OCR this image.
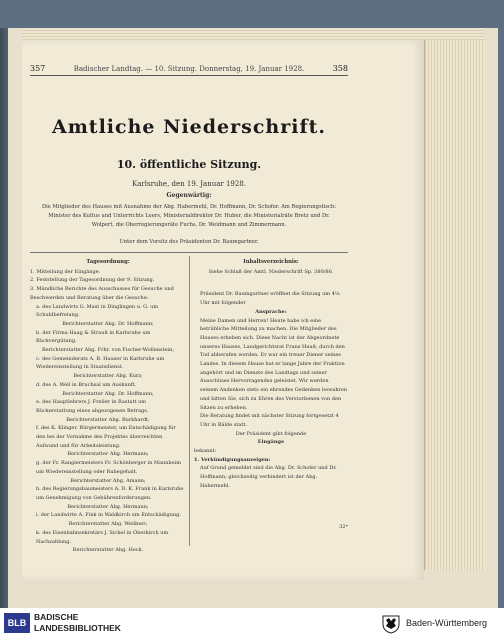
357	Badischer Landtag. — 10. Sitzung. Donnerstag, 19. Januar 1928.	358
Amtliche Niederschrift.
10. öffentliche Sitzung.
Karlsruhe, den 19. Januar 1928.
Gegenwärtig:
Die Mitglieder des Hauses mit Ausnahme der Abg. Habermehl, Dr. Hoffmann, Dr. Schofer. Am Regierungstisch: Minister des Kultus und Unterrichts Leers, Ministerialdirektor Dr. Huber, die Ministerialräte Bretz und Dr. Wolpert, die Oberregierungsräte Fuchs, Dr. Weidmann und Zimmermann.
Unter dem Vorsitz des Präsidenten Dr. Baumgartner.
Tagesordnung:

1. Mitteilung der Eingänge.

2. Feststellung der Tagesordnung der 9. Sitzung.

3. Mündliche Berichte des Ausschusses für Gesuche und Beschwerden und Beratung über die Gesuche:

a. des Landwirts G. Mast in Dinglingen u. G. um Schuldbefreiung.

Berichterstatter Abg. Dr. Hoffmann;

b. der Firma Haag & Strauß in Karlsruhe um Rückvergütung.

Berichterstatter Abg. Frhr. von Fischer-Wollenstein;

c. des Gemeinderats A. B. Hauser in Karlsruhe um Wiedereinstellung in Staatsdienst.

Berichterstatter Abg. Kurz;

d. des A. Weil in Bruchsal um Auskunft.

Berichterstatter Abg. Dr. Hoffmann;

e. des Hauptlehrers J. Freiler in Rastatt um Rückerstattung eines abgezogenen Betrags.

Berichterstatter Abg. Burkhardt;

f. des K. Klinger, Bürgermeister, um Entschädigung für den bei der Vornahme des Projektes überreichten Aufwand und für Arbeitsleistung.

Berichterstatter Abg. Hermann;

g. der Fr. Rangiermeisters Fr. Schönberger in Mannheim um Wiedereinstellung oder Ruhegehalt.

Berichterstatter Abg. Amann;

h. des Regierungsbaumeisters A. D. K. Frank in Karlsruhe um Genehmigung von Gebührenforderungen.

Berichterstatter Abg. Hermann;

i. der Landwirte A. Fink in Waldkirch um Entschädigung.

Berichterstatter Abg. Weißner;

k. des Eisenbahnsekretärs J. Sichel in Oberkirch um Nachzahlung.

Berichterstatter Abg. Heck.

Inhaltsverzeichnis:

Siehe Schluß der Amtl. Niederschrift Sp. 380/86.

Präsident Dr. Baumgartner eröffnet die Sitzung um 4¼ Uhr mit folgender

Ansprache:

Meine Damen und Herren! Heute habe ich eine betrübliche Mitteilung zu machen. Die Mitglieder des Hauses erheben sich. Diese Nacht ist der Abgeordnete unseres Hauses, Landgerichtsrat Franz Hauß, durch den Tod abberufen worden. Er war ein treuer Diener seines Landes. In diesem Hause hat er lange Jahre der Fraktion angehört und im Dienste des Landtags und seiner Ausschüsse Hervorragendes geleistet. Wir werden seinem Andenken stets ein ehrendes Gedenken bewahren und bitten Sie, sich zu Ehren des Verstorbenen von den Sitzen zu erheben.

Die Beratung findet mit nächster Sitzung fortgesetzt 4 Uhr in Bälde statt.

Der Präsident gibt folgende

Eingänge

bekannt:

1. Verkündigungsanzeigen:

Auf Grund gemeldet sind die Abg. Dr. Schofer und Dr. Hoffmann; gleichzeitig verhindert ist der Abg. Habermehl.

32*
BLB
BADISCHE
LANDESBIBLIOTHEK	Baden-Württemberg
